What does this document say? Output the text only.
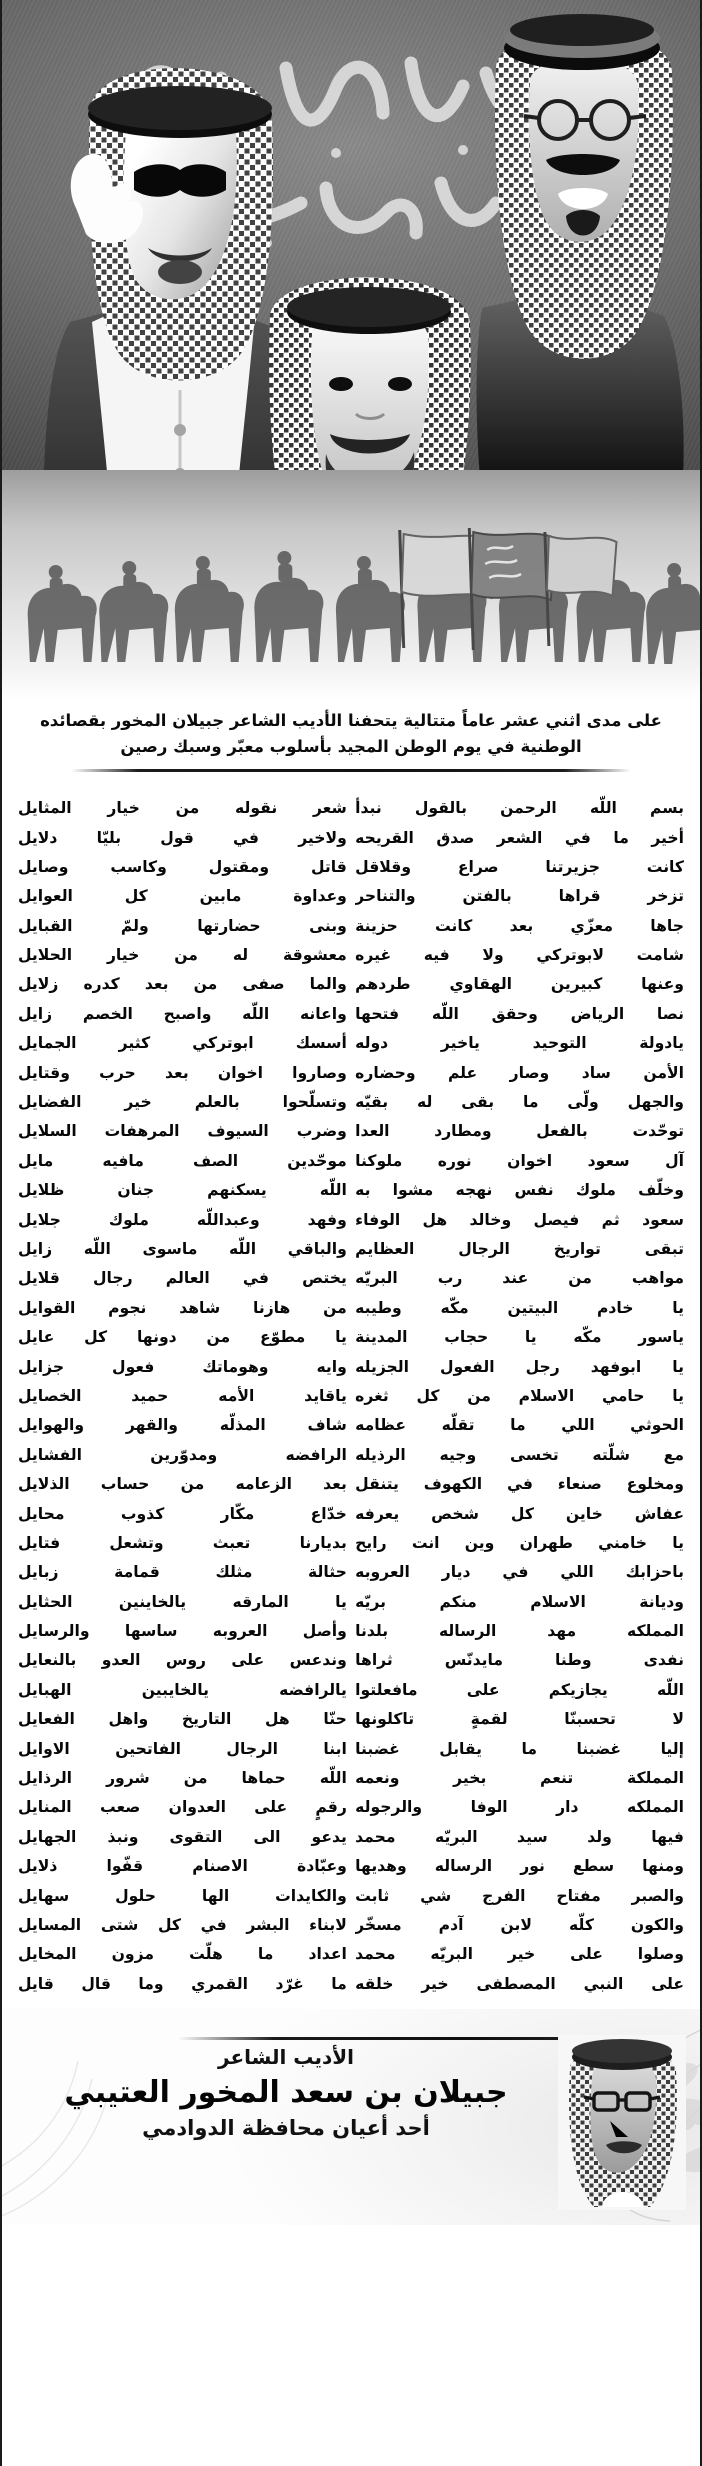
على مدى اثني عشر عاماً متتالية يتحفنا الأديب الشاعر جبيلان المخور بقصائده

الوطنية في يوم الوطن المجيد بأسلوب معبّر وسبك رصين

بسم اللّه الرحمن بالقول نبدأ
شعر نقوله من خيار المثايل
أخير ما في الشعر صدق القريحه
ولاخير في قول بليّا دلايل
كانت جزيرتنا صراع وقلاقل
قاتل ومقتول وكاسب وصايل
تزخر قراها بالفتن والتناحر
وعداوة مابين كل العوايل
جاها معزّي بعد كانت حزينة
وبنى حضارتها ولمّ القبايل
شامت لابوتركي ولا فيه غيره
معشوقة له من خيار الحلايل
وعنها كبيرين الهقاوي طردهم
والما صفى من بعد كدره زلايل
نصا الرياض وحقق اللّه فتحها
واعانه اللّه واصبح الخصم زايل
يادولة التوحيد ياخير دوله
أسسك ابوتركي كثير الجمايل
الأمن ساد وصار علم وحضاره
وصاروا اخوان بعد حرب وقتايل
والجهل ولّى ما بقى له بقيّه
وتسلّحوا بالعلم خير الفضايل
توحّدت بالفعل ومطارد العدا
وضرب السيوف المرهفات السلايل
آل سعود اخوان نوره ملوكنا
موحّدين الصف مافيه مايل
وخلّف ملوك نفس نهجه مشوا به
اللّه يسكنهم جنان ظلايل
سعود ثم فيصل وخالد هل الوفاء
وفهد وعبداللّه ملوك جلايل
تبقى تواريخ الرجال العظايم
والباقي اللّه ماسوى اللّه زايل
مواهب من عند رب البريّه
يختص في العالم رجال قلايل
يا خادم البيتين مكّه وطيبه
من هازنا شاهد نجوم القوايل
ياسور مكّه يا حجاب المدينة
يا مطوّع من دونها كل عايل
يا ابوفهد رجل الفعول الجزيله
وايه وهوماتك فعول جزايل
يا حامي الاسلام من كل ثغره
ياقايد الأمه حميد الخصايل
الحوثي اللي ما تقلّه عظامه
شاف المذلّه والقهر والهوايل
مع شلّته تخسى وجيه الرذيله
الرافضه ومدوّرين الفشايل
ومخلوع صنعاء في الكهوف يتنقل
بعد الزعامه من حساب الذلايل
عفاش خاين كل شخص يعرفه
خدّاع مكّار كذوب محايل
يا خامني طهران وين انت رايح
بديارنا تعبث وتشعل فتايل
باحزابك اللي في ديار العروبه
حثالة مثلك قمامة زبايل
وديانة الاسلام منكم بريّه
يا المارقه يالخاينين الحثايل
المملكه مهد الرساله بلدنا
وأصل العروبه ساسها والرسايل
نفدى وطنا مايدنّس ثراها
وندعس على روس العدو بالنعايل
اللّه يجازيكم على مافعلتوا
يالرافضه يالخايبين الهبايل
لا تحسبنّا لقمةٍ تاكلونها
حنّا هل التاريخ واهل الفعايل
إليا غضبنا ما يقابل غضبنا
ابنا الرجال الفاتحين الاوايل
المملكة تنعم بخير ونعمه
اللّه حماها من شرور الرذايل
المملكه دار الوفا والرجوله
رقمٍ على العدوان صعب المنايل
فيها ولد سيد البريّه محمد
يدعو الى التقوى ونبذ الجهايل
ومنها سطع نور الرساله وهديها
وعبّادة الاصنام قفّوا ذلايل
والصبر مفتاح الفرج شي ثابت
والكايدات الها حلول سهايل
والكون كلّه لابن آدم مسخّر
لابناء البشر في كل شتى المسايل
وصلوا على خير البريّه محمد
اعداد ما هلّت مزون المخايل
على النبي المصطفى خير خلقه
ما غرّد القمري وما قال قايل

الأديب الشاعر

جبيلان بن سعد المخور العتيبي

أحد أعيان محافظة الدوادمي
